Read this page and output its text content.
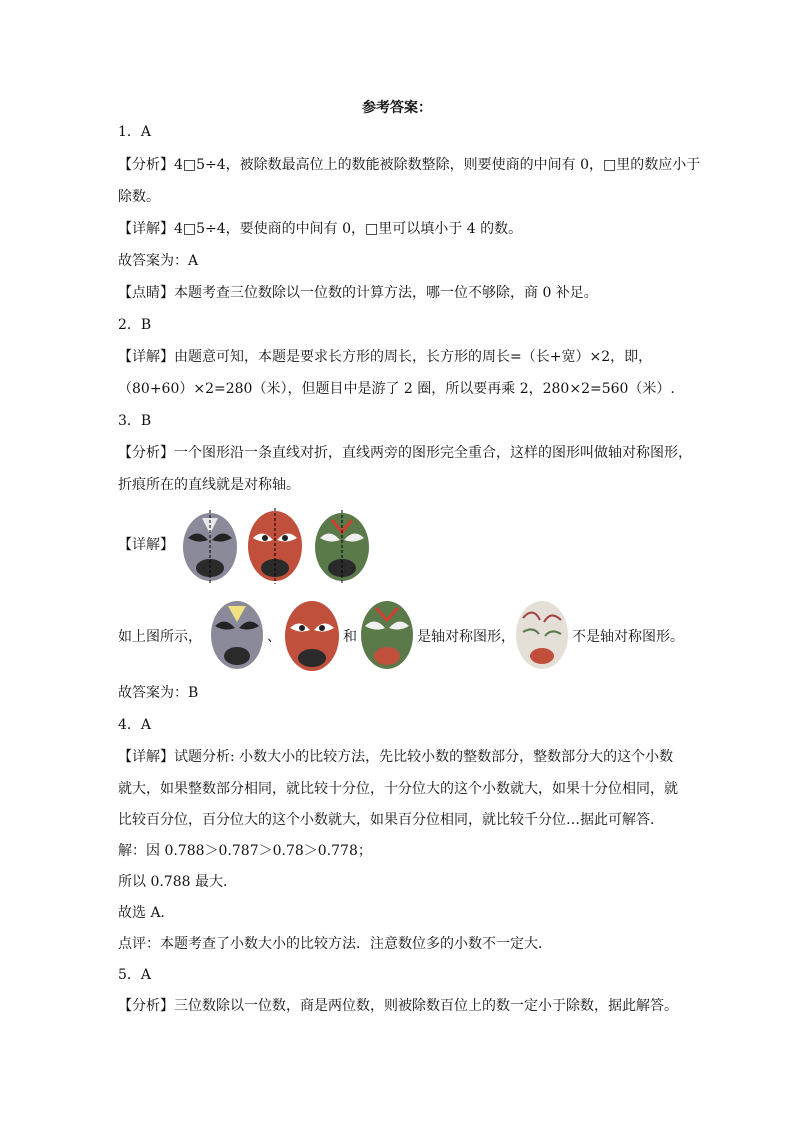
参考答案：
1．A
【分析】4□5÷4，被除数最高位上的数能被除数整除，则要使商的中间有 0，□里的数应小于
除数。
【详解】4□5÷4，要使商的中间有 0，□里可以填小于 4 的数。
故答案为：A
【点睛】本题考查三位数除以一位数的计算方法，哪一位不够除，商 0 补足。
2．B
【详解】由题意可知，本题是要求长方形的周长，长方形的周长=（长+宽）×2，即，
（80+60）×2=280（米），但题目中是游了 2 圈，所以要再乘 2，280×2=560（米）.
3．B
【分析】一个图形沿一条直线对折，直线两旁的图形完全重合，这样的图形叫做轴对称图形，
折痕所在的直线就是对称轴。
【详解】
如上图所示，	、	和	是轴对称图形，	不是轴对称图形。
故答案为：B
4．A
【详解】试题分析: 小数大小的比较方法，先比较小数的整数部分，整数部分大的这个小数
就大，如果整数部分相同，就比较十分位，十分位大的这个小数就大，如果十分位相同，就
比较百分位，百分位大的这个小数就大，如果百分位相同，就比较千分位…据此可解答．
解：因 0.788＞0.787＞0.78＞0.778；
所以 0.788 最大．
故选 A．
点评：本题考查了小数大小的比较方法．注意数位多的小数不一定大．
5．A
【分析】三位数除以一位数，商是两位数，则被除数百位上的数一定小于除数，据此解答。
